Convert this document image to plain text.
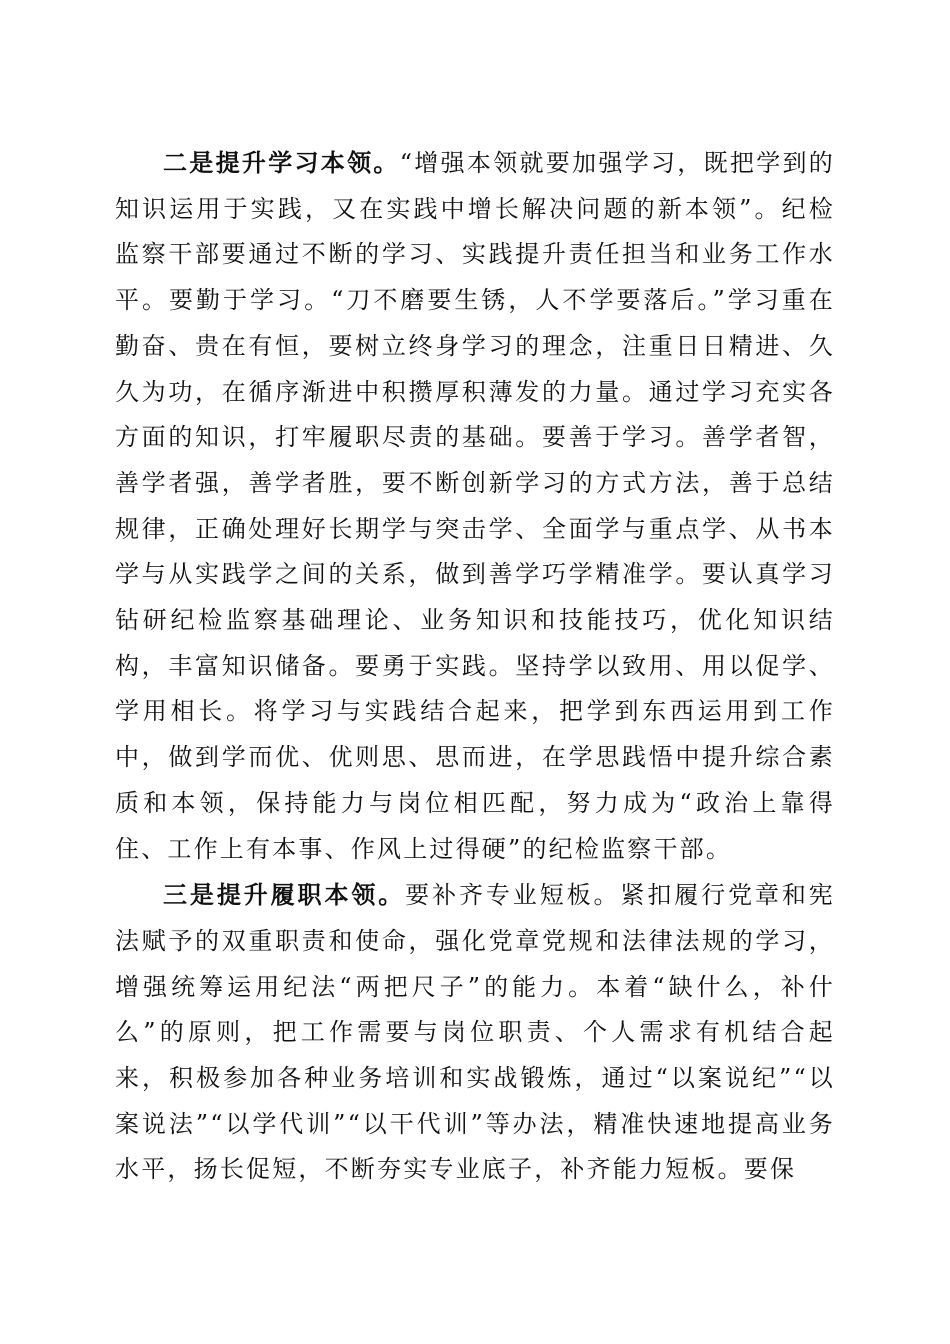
二是提升学习本领。“增强本领就要加强学习，既把学到的知识运用于实践，又在实践中增长解决问题的新本领”。纪检监察干部要通过不断的学习、实践提升责任担当和业务工作水平。要勤于学习。“刀不磨要生锈，人不学要落后。”学习重在勤奋、贵在有恒，要树立终身学习的理念，注重日日精进、久久为功，在循序渐进中积攒厚积薄发的力量。通过学习充实各方面的知识，打牢履职尽责的基础。要善于学习。善学者智，善学者强，善学者胜，要不断创新学习的方式方法，善于总结规律，正确处理好长期学与突击学、全面学与重点学、从书本学与从实践学之间的关系，做到善学巧学精准学。要认真学习钻研纪检监察基础理论、业务知识和技能技巧，优化知识结构，丰富知识储备。要勇于实践。坚持学以致用、用以促学、学用相长。将学习与实践结合起来，把学到东西运用到工作中，做到学而优、优则思、思而进，在学思践悟中提升综合素质和本领，保持能力与岗位相匹配，努力成为“政治上靠得住、工作上有本事、作风上过得硬”的纪检监察干部。

三是提升履职本领。要补齐专业短板。紧扣履行党章和宪法赋予的双重职责和使命，强化党章党规和法律法规的学习，增强统筹运用纪法“两把尺子”的能力。本着“缺什么，补什么”的原则，把工作需要与岗位职责、个人需求有机结合起来，积极参加各种业务培训和实战锻炼，通过“以案说纪”“以案说法”“以学代训”“以干代训”等办法，精准快速地提高业务水平，扬长促短，不断夯实专业底子，补齐能力短板。要保
